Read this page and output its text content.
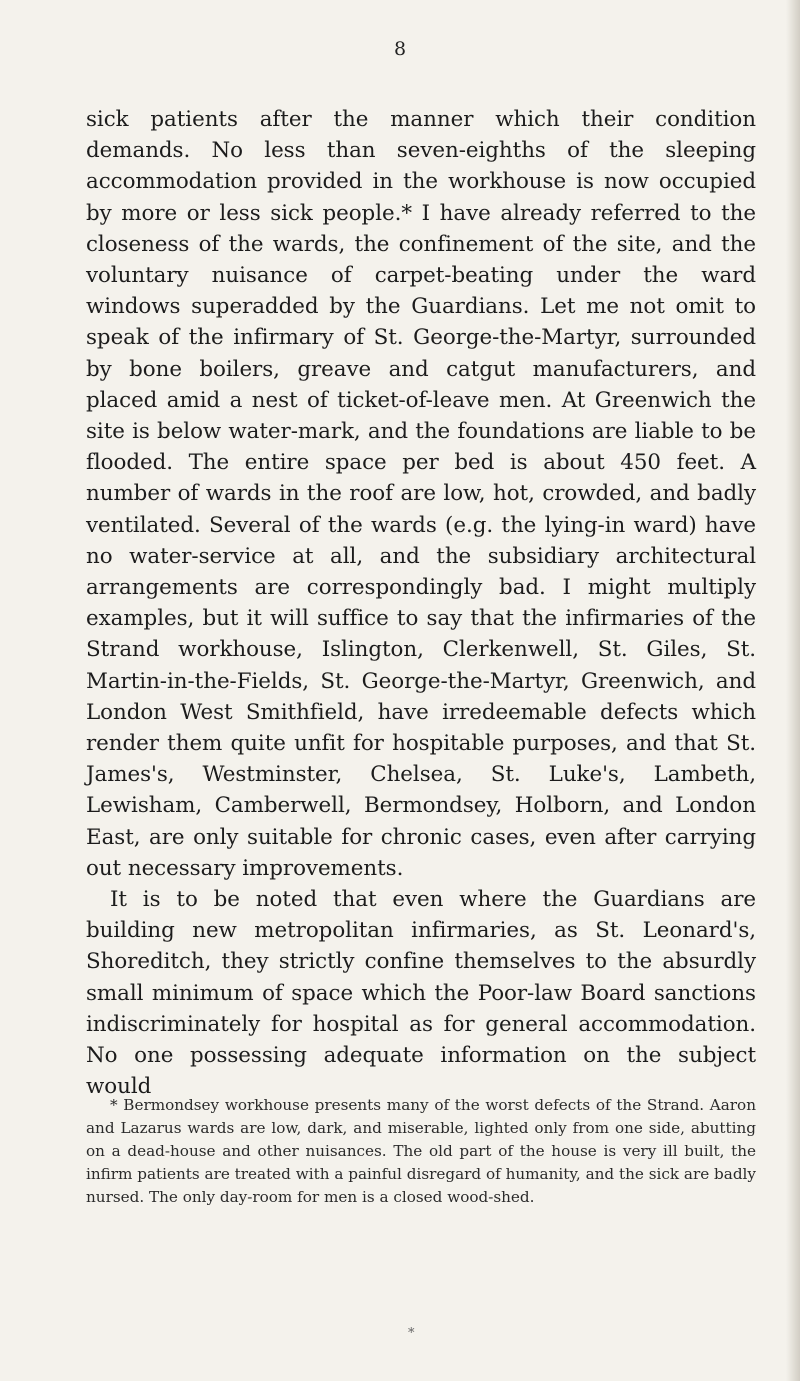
8

sick patients after the manner which their condition demands. No less than seven-eighths of the sleeping accommodation provided in the workhouse is now occupied by more or less sick people.* I have already referred to the closeness of the wards, the confinement of the site, and the voluntary nuisance of carpet-beating under the ward windows superadded by the Guardians. Let me not omit to speak of the infirmary of St. George-the-Martyr, surrounded by bone boilers, greave and catgut manufacturers, and placed amid a nest of ticket-of-leave men. At Greenwich the site is below water-mark, and the foundations are liable to be flooded. The entire space per bed is about 450 feet. A number of wards in the roof are low, hot, crowded, and badly ventilated. Several of the wards (e.g. the lying-in ward) have no water-service at all, and the subsidiary architectural arrangements are correspondingly bad. I might multiply examples, but it will suffice to say that the infirmaries of the Strand workhouse, Islington, Clerkenwell, St. Giles, St. Martin-in-the-Fields, St. George-the-Martyr, Greenwich, and London West Smithfield, have irredeemable defects which render them quite unfit for hospitable purposes, and that St. James's, Westminster, Chelsea, St. Luke's, Lambeth, Lewisham, Camberwell, Bermondsey, Holborn, and London East, are only suitable for chronic cases, even after carrying out necessary improvements.

It is to be noted that even where the Guardians are building new metropolitan infirmaries, as St. Leonard's, Shoreditch, they strictly confine themselves to the absurdly small minimum of space which the Poor-law Board sanctions indiscriminately for hospital as for general accommodation. No one possessing adequate information on the subject would

* Bermondsey workhouse presents many of the worst defects of the Strand. Aaron and Lazarus wards are low, dark, and miserable, lighted only from one side, abutting on a dead-house and other nuisances. The old part of the house is very ill built, the infirm patients are treated with a painful disregard of humanity, and the sick are badly nursed. The only day-room for men is a closed wood-shed.

*
